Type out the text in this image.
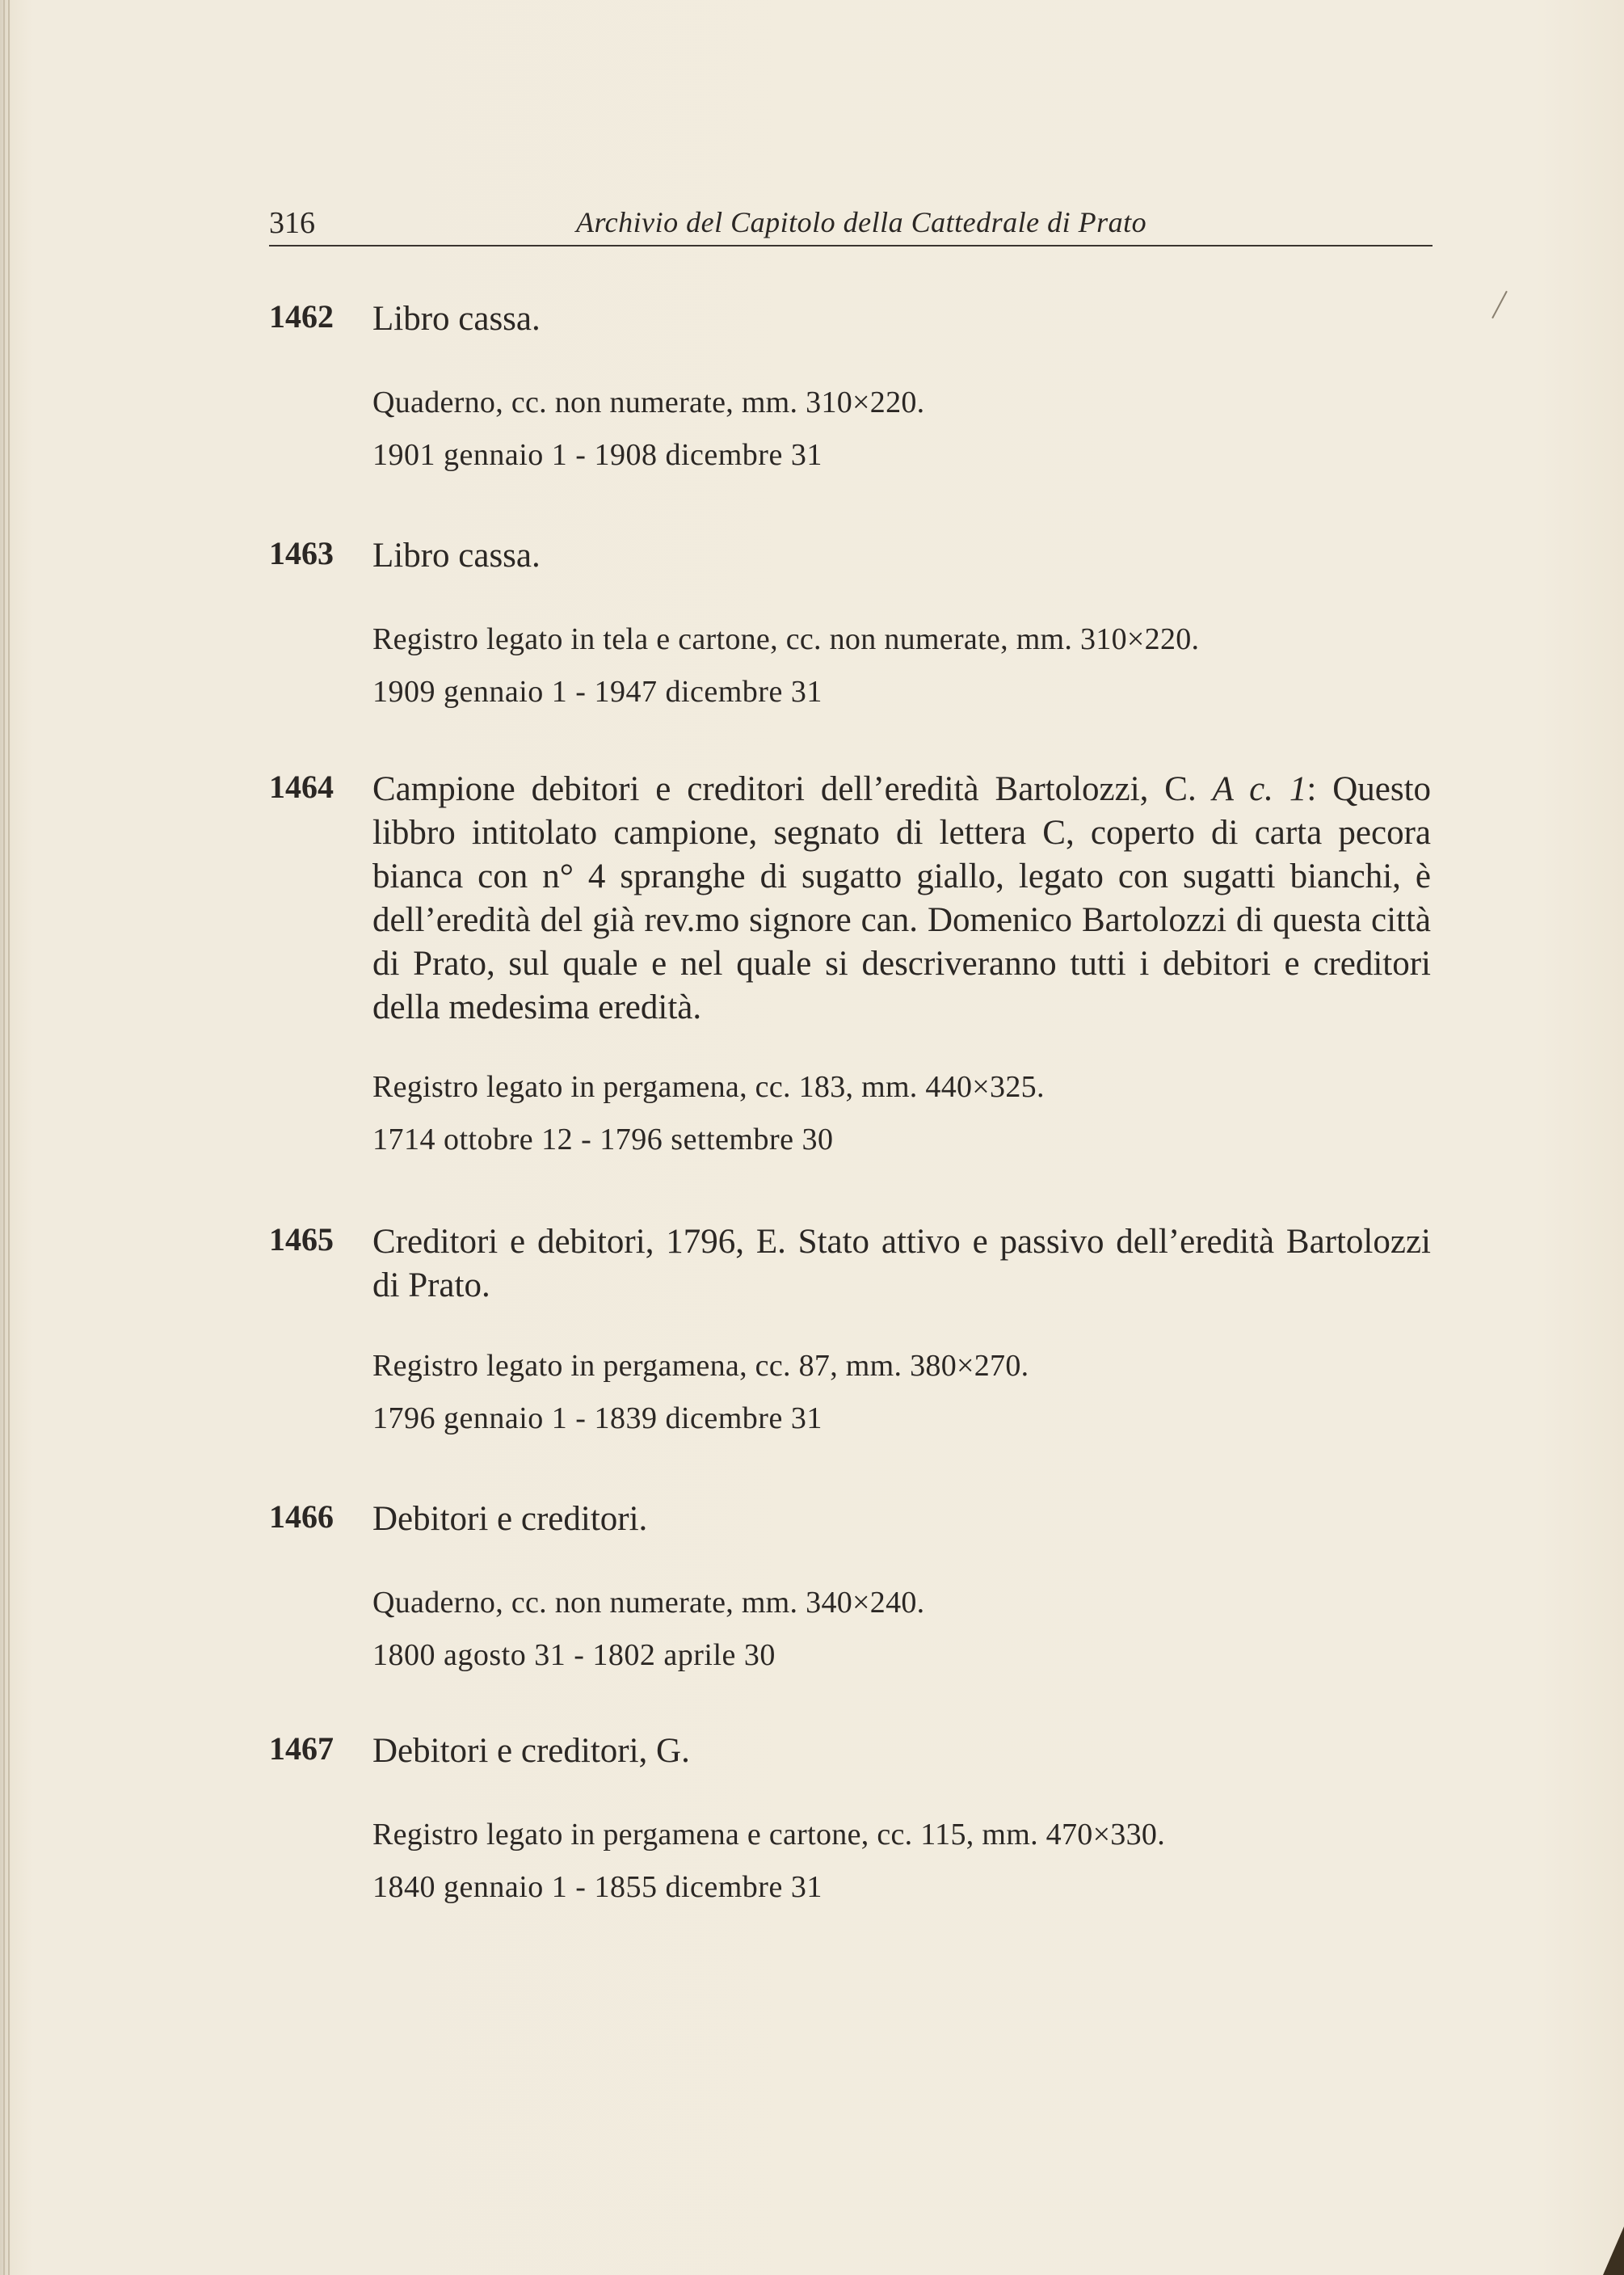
316	Archivio del Capitolo della Cattedrale di Prato
1462 Libro cassa.
Quaderno, cc. non numerate, mm. 310×220.
1901 gennaio 1 - 1908 dicembre 31
1463 Libro cassa.
Registro legato in tela e cartone, cc. non numerate, mm. 310×220.
1909 gennaio 1 - 1947 dicembre 31
1464 Campione debitori e creditori dell’eredità Bartolozzi, C. A c. 1: Questo libbro intitolato campione, segnato di lettera C, coperto di carta pecora bianca con n° 4 spranghe di sugatto giallo, legato con sugatti bianchi, è dell’eredità del già rev.mo signore can. Domenico Bartolozzi di questa città di Prato, sul quale e nel quale si descriveranno tutti i debitori e creditori della medesima eredità.
Registro legato in pergamena, cc. 183, mm. 440×325.
1714 ottobre 12 - 1796 settembre 30
1465 Creditori e debitori, 1796, E. Stato attivo e passivo dell’eredità Bartolozzi di Prato.
Registro legato in pergamena, cc. 87, mm. 380×270.
1796 gennaio 1 - 1839 dicembre 31
1466 Debitori e creditori.
Quaderno, cc. non numerate, mm. 340×240.
1800 agosto 31 - 1802 aprile 30
1467 Debitori e creditori, G.
Registro legato in pergamena e cartone, cc. 115, mm. 470×330.
1840 gennaio 1 - 1855 dicembre 31
